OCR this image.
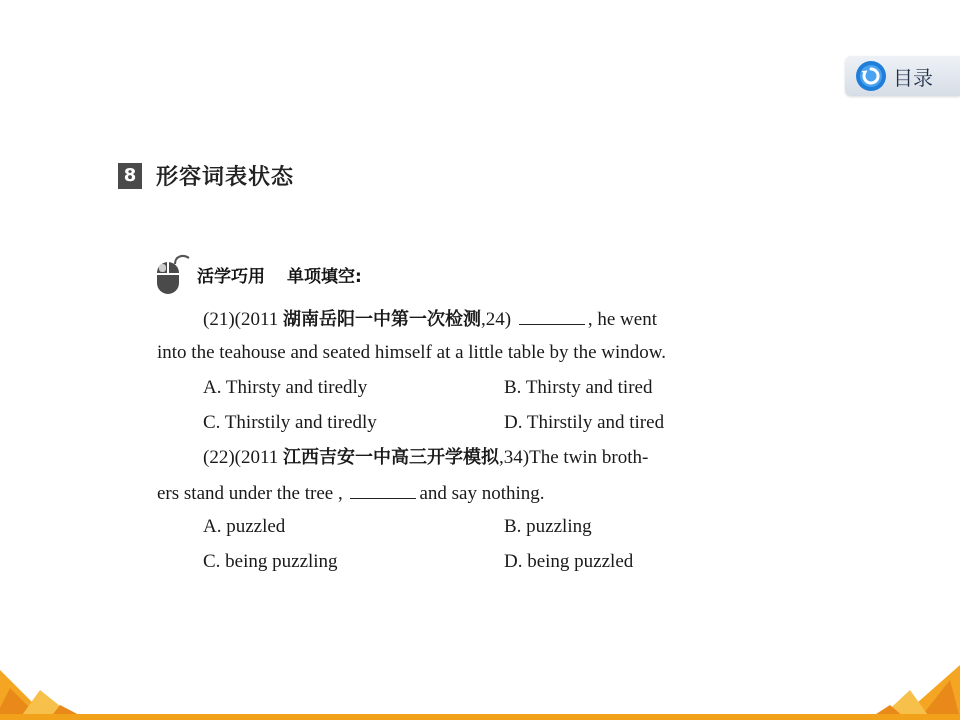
目录
8 形容词表状态
活学巧用 单项填空:
(21)(2011 湖南岳阳一中第一次检测,24)	, he went
into the teahouse and seated himself at a little table by the window.
A. Thirsty and tiredly	B. Thirsty and tired
C. Thirstily and tiredly	D. Thirstily and tired
(22)(2011 江西吉安一中高三开学模拟,34)The twin broth-
ers stand under the tree ,	and say nothing.
A. puzzled	B. puzzling
C. being puzzling	D. being puzzled
